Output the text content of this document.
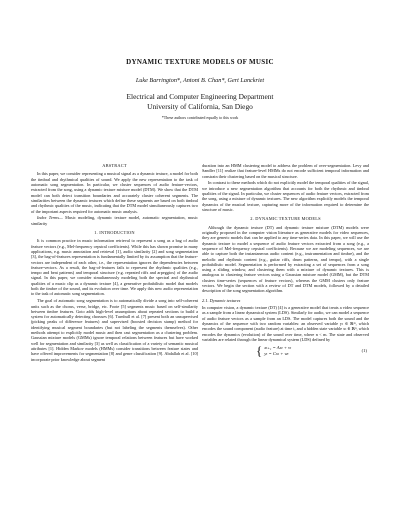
DYNAMIC TEXTURE MODELS OF MUSIC
Luke Barrington*, Antoni B. Chan*, Gert Lanckriet
Electrical and Computer Engineering Department
University of California, San Diego
*These authors contributed equally to this work
ABSTRACT

In this paper, we consider representing a musical signal as a dynamic texture, a model for both the timbral and rhythmical qualities of sound. We apply the new representation to the task of automatic song segmentation. In particular, we cluster sequences of audio feature-vectors, extracted from the song, using a dynamic texture mixture model (DTM). We show that the DTM model can both detect transition boundaries and accurately cluster coherent segments. The similarities between the dynamic textures which define these segments are based on both timbral and rhythmic qualities of the music, indicating that the DTM model simultaneously captures two of the important aspects required for automatic music analysis.

Index Terms— Music modeling, dynamic texture model, automatic segmentation, music similarity

1. INTRODUCTION

It is common practice in music information retrieval to represent a song as a bag of audio feature vectors (e.g., Mel-frequency cepstral coefficients). While this has shown promise in many applications, e.g. music annotation and retrieval [1], audio similarity [2] and song segmentation [3], the bag-of-features representation is fundamentally limited by its assumption that the feature-vectors are independent of each other, i.e., the representation ignores the dependencies between feature-vectors. As a result, the bag-of-features fails to represent the rhythmic qualities (e.g., tempo and beat patterns) and temporal structure (e.g. repeated riffs and arpeggios) of the audio signal. In this paper, we consider simultaneously modeling both the spectral and rhythmical qualities of a music clip as a dynamic texture [4], a generative probabilistic model that models both the timbre of the sound, and its evolution over time. We apply this new audio representation to the task of automatic song segmentation.

The goal of automatic song segmentation is to automatically divide a song into self-coherent units such as the chorus, verse, bridge, etc. Foote [5] segments music based on self-similarity between timbre features. Goto adds high-level assumptions about repeated sections to build a system for automatically detecting choruses [6]. Turnbull et al. [7] present both an unsupervised (picking peaks of difference features) and supervised (boosted decision stump) method for identifying musical segment boundaries (but not labeling the segments themselves). Other methods attempt to explicitly model music and then cast segmentation as a clustering problem. Gaussian mixture models (GMMs) ignore temporal relations between features but have worked well for segmentation and similarity [3] as well as classification of a variety of semantic musical attributes [1]. Hidden Markov models (HMMs) consider transitions between feature states and have offered improvements for segmentation [8] and genre classification [9]. Abdallah et al. [10] incorporate prior knowledge about segment

duration into an HMM clustering model to address the problem of over-segmentation. Levy and Sandler [11] realize that feature-level HMMs do not encode sufficient temporal information and constrain their clustering based on the musical structure.

In contrast to these methods which do not explicitly model the temporal qualities of the signal, we introduce a new segmentation algorithm that accounts for both the rhythmic and timbral qualities of the signal. In particular, we cluster sequences of audio feature vectors, extracted from the song, using a mixture of dynamic textures. The new algorithm explicitly models the temporal dynamics of the musical texture, capturing more of the information required to determine the structure of music.

2. DYNAMIC TEXTURE MODELS

Although the dynamic texture (DT) and dynamic texture mixture (DTM) models were originally proposed in the computer vision literature as generative models for video sequences, they are generic models that can be applied to any time-series data. In this paper, we will use the dynamic texture to model a sequence of audio feature vectors extracted from a song (e.g., a sequence of Mel-frequency cepstral coefficients). Because we are modeling sequences, we are able to capture both the instantaneous audio content (e.g., instrumentation and timbre), and the melodic and rhythmic content (e.g., guitar riffs, drum patterns, and tempo), with a single probabilistic model. Segmentation is performed by extracting a set of sequences from a song using a sliding window, and clustering them with a mixture of dynamic textures. This is analogous to clustering feature vectors using a Gaussian mixture model (GMM), but the DTM clusters time-series (sequences of feature vectors), whereas the GMM clusters only feature vectors. We begin the section with a review of DT and DTM models, followed by a detailed description of the song segmentation algorithm.

2.1. Dynamic textures

In computer vision, a dynamic texture (DT) [4] is a generative model that treats a video sequence as a sample from a linear dynamical system (LDS). Similarly for audio, we can model a sequence of audio feature vectors as a sample from an LDS. The model captures both the sound and the dynamics of the sequence with two random variables: an observed variable yₜ ∈ ℝᵐ, which encodes the sound component (audio feature) at time t, and a hidden state variable xₜ ∈ ℝⁿ, which encodes the dynamics (evolution) of the sound over time, where n < m. The state and observed variables are related through the linear dynamical system (LDS) defined by

{ xₜ₊₁ = Axₜ + vₜ
yₜ = Cxₜ + wₜ
(1)
